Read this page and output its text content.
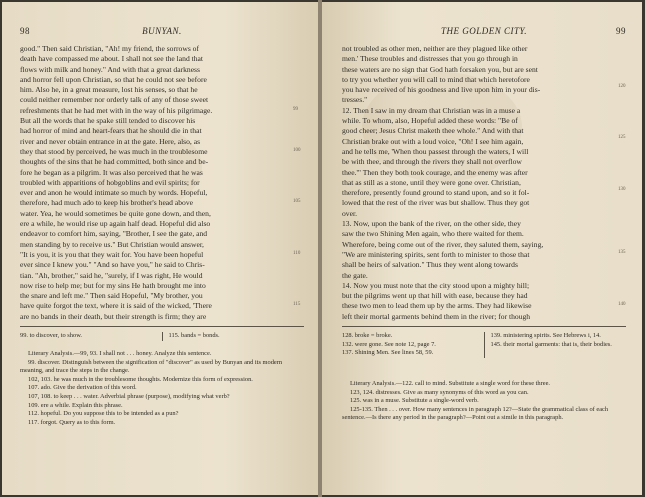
98	BUNYAN.
good." Then said Christian, "Ah! my friend, the sorrows of
death have compassed me about. I shall not see the land that
flows with milk and honey." And with that a great darkness
and horror fell upon Christian, so that he could not see before
him. Also he, in a great measure, lost his senses, so that he
could neither remember nor orderly talk of any of those sweet
refreshments that he had met with in the way of his pilgrimage.
But all the words that he spake still tended to discover his
had horror of mind and heart-fears that he should die in that
river and never obtain entrance in at the gate. Here, also, as
they that stood by perceived, he was much in the troublesome
thoughts of the sins that he had committed, both since and be-
fore he began as a pilgrim. It was also perceived that he was
troubled with apparitions of hobgoblins and evil spirits; for
ever and anon he would intimate so much by words. Hopeful,
therefore, had much ado to keep his brother's head above
water. Yea, he would sometimes be quite gone down, and then,
ere a while, he would rise up again half dead. Hopeful did also
endeavor to comfort him, saying, "Brother, I see the gate, and
men standing by to receive us." But Christian would answer,
"It is you, it is you that they wait for. You have been hopeful
ever since I knew you." "And so have you," he said to Chris-
tian. "Ah, brother," said he, "surely, if I was right, He would
now rise to help me; but for my sins He hath brought me into
the snare and left me." Then said Hopeful, "My brother, you
have quite forgot the text, where it is said of the wicked, 'There
are no bands in their death, but their strength is firm; they are
99
100
105
110
115
99. to discover, to show.	115. bands = bonds.
Literary Analysis.—99, 93. I shall not . . . honey. Analyze this sentence.
99. discover. Distinguish between the signification of "discover" as used by Bunyan and its modern meaning, and trace the steps in the change.
102, 103. he was much in the troublesome thoughts. Modernize this form of expression.
107. ado. Give the derivation of this word.
107, 108. to keep . . . water. Adverbial phrase (purpose), modifying what verb?
109. ere a while. Explain this phrase.
112. hopeful. Do you suppose this to be intended as a pun?
117. forgot. Query as to this form.
THE GOLDEN CITY.	99
not troubled as other men, neither are they plagued like other
men.' These troubles and distresses that you go through in
these waters are no sign that God hath forsaken you, but are sent
to try you whether you will call to mind that which heretofore
you have received of his goodness and live upon him in your dis-
tresses."
12. Then I saw in my dream that Christian was in a muse a
while. To whom, also, Hopeful added these words: "Be of
good cheer; Jesus Christ maketh thee whole." And with that
Christian brake out with a loud voice, "Oh! I see him again,
and he tells me, 'When thou passest through the waters, I will
be with thee, and through the rivers they shall not overflow
thee.'" Then they both took courage, and the enemy was after
that as still as a stone, until they were gone over. Christian,
therefore, presently found ground to stand upon, and so it fol-
lowed that the rest of the river was but shallow. Thus they got
over.
13. Now, upon the bank of the river, on the other side, they
saw the two Shining Men again, who there waited for them.
Wherefore, being come out of the river, they saluted them, saying,
"We are ministering spirits, sent forth to minister to those that
shall be heirs of salvation." Thus they went along towards
the gate.
14. Now you must note that the city stood upon a mighty hill;
but the pilgrims went up that hill with ease, because they had
these two men to lead them up by the arms. They had likewise
left their mortal garments behind them in the river; for though
120
125
130
135
140
128. broke = broke.
132. were gone. See note 12, page 7.
137. Shining Men. See lines 58, 59.
139. ministering spirits. See Hebrews i, 14.
145. their mortal garments: that is, their bodies.
Literary Analysis.—122. call to mind. Substitute a single word for these three.
123, 124. distresses. Give as many synonyms of this word as you can.
125. was in a muse. Substitute a single-word verb.
125-135. Then . . . over. How many sentences in paragraph 12?—State the grammatical class of each sentence.—Is there any period in the paragraph?—Point out a simile in this paragraph.
